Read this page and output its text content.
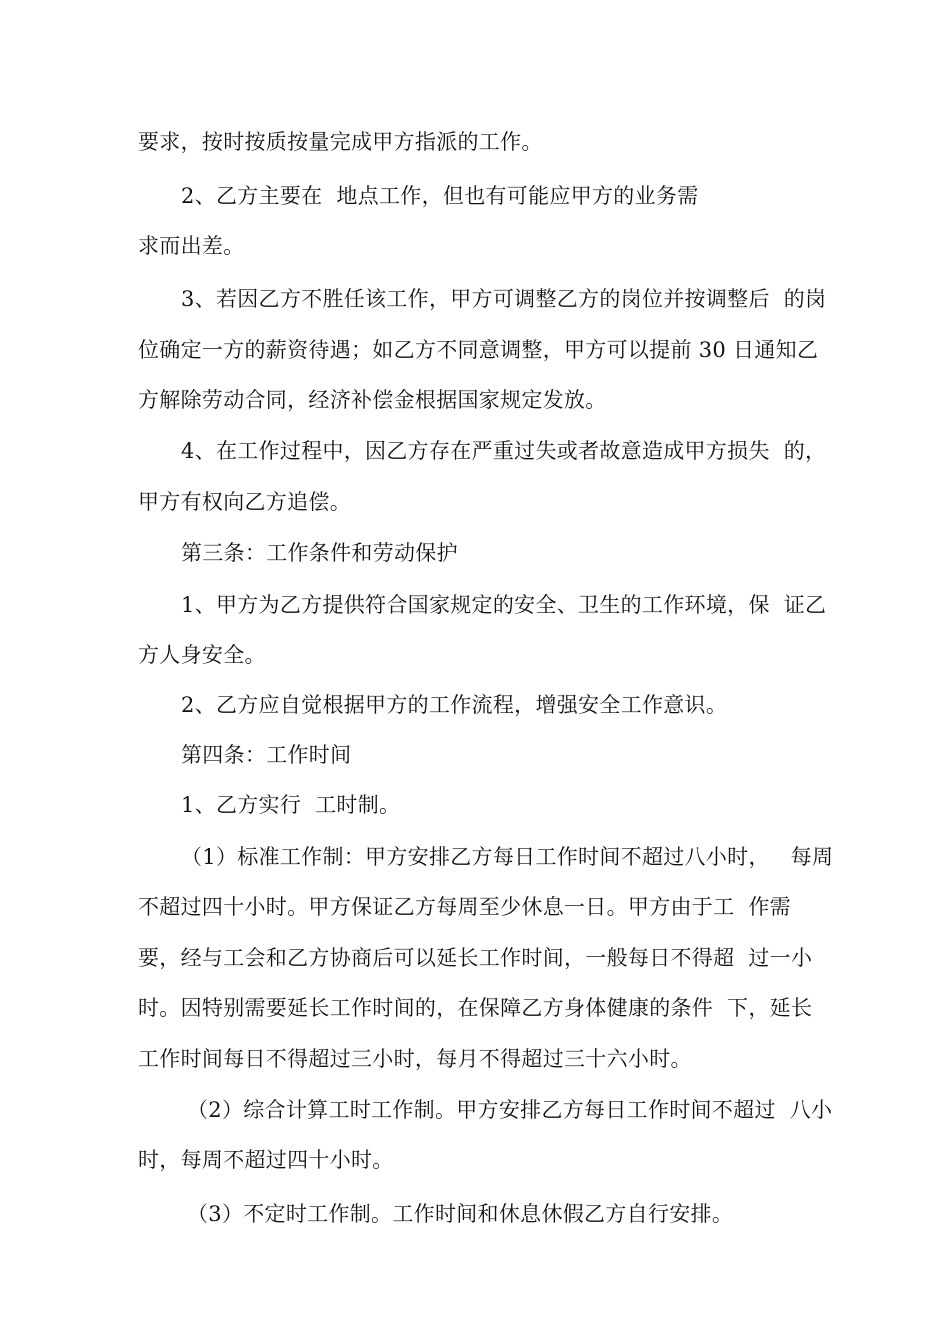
要求，按时按质按量完成甲方指派的工作。
2、乙方主要在  地点工作，但也有可能应甲方的业务需
求而出差。
3、若因乙方不胜任该工作，甲方可调整乙方的岗位并按调整后  的岗
位确定一方的薪资待遇；如乙方不同意调整，甲方可以提前 30 日通知乙
方解除劳动合同，经济补偿金根据国家规定发放。
4、在工作过程中，因乙方存在严重过失或者故意造成甲方损失  的，
甲方有权向乙方追偿。
第三条：工作条件和劳动保护
1、甲方为乙方提供符合国家规定的安全、卫生的工作环境，保  证乙
方人身安全。
2、乙方应自觉根据甲方的工作流程，增强安全工作意识。
第四条：工作时间
1、乙方实行  工时制。
（1）标准工作制：甲方安排乙方每日工作时间不超过八小时，   每周
不超过四十小时。甲方保证乙方每周至少休息一日。甲方由于工  作需
要，经与工会和乙方协商后可以延长工作时间，一般每日不得超  过一小
时。因特别需要延长工作时间的，在保障乙方身体健康的条件  下，延长
工作时间每日不得超过三小时，每月不得超过三十六小时。
（2）综合计算工时工作制。甲方安排乙方每日工作时间不超过  八小
时，每周不超过四十小时。
（3）不定时工作制。工作时间和休息休假乙方自行安排。
